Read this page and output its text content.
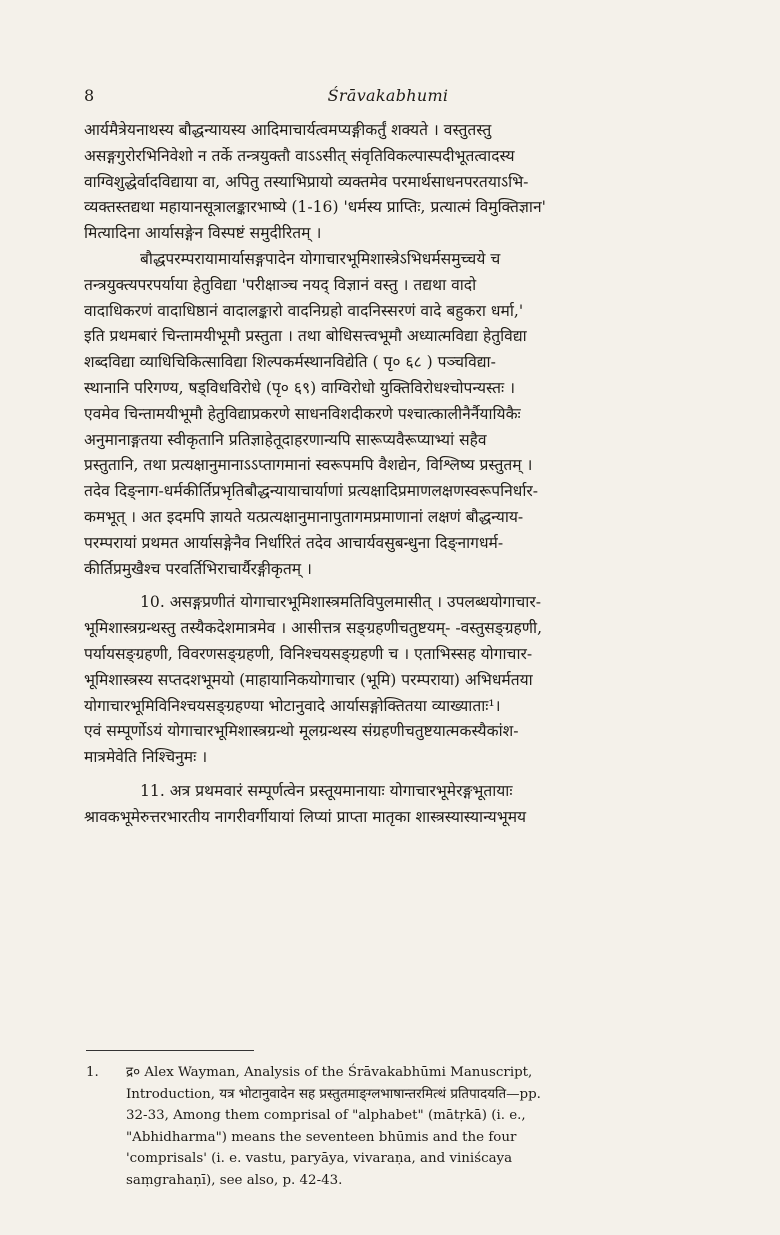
8	Śrāvakabhumi

आर्यमैत्रेयनाथस्य बौद्धन्यायस्य आदिमाचार्यत्वमप्यङ्गीकर्तुं शक्यते । वस्तुतस्तु
असङ्गगुरोरभिनिवेशो न तर्के तन्त्रयुक्तौ वाऽऽसीत् संवृतिविकल्पास्पदीभूतत्वादस्य
वाग्विशुद्धेर्वादविद्याया वा, अपितु तस्याभिप्रायो व्यक्तमेव परमार्थसाधनपरतयाऽभि-
व्यक्तस्तद्यथा महायानसूत्रालङ्कारभाष्ये (1-16) 'धर्मस्य प्राप्तिः, प्रत्यात्मं विमुक्तिज्ञान'
मित्यादिना आर्यासङ्गेन विस्पष्टं समुदीरितम् ।

बौद्धपरम्परायामार्यासङ्गपादेन योगाचारभूमिशास्त्रेऽभिधर्मसमुच्चये च
तन्त्रयुक्त्यपरपर्याया हेतुविद्या 'परीक्षाञ्च नयद् विज्ञानं वस्तु । तद्यथा वादो
वादाधिकरणं वादाधिष्ठानं वादालङ्कारो वादनिग्रहो वादनिस्सरणं वादे बहुकरा धर्मा,'
इति प्रथमबारं चिन्तामयीभूमौ प्रस्तुता । तथा बोधिसत्त्वभूमौ अध्यात्मविद्या हेतुविद्या
शब्दविद्या व्याधिचिकित्साविद्या शिल्पकर्मस्थानविद्येति ( पृ० ६८ ) पञ्चविद्या-
स्थानानि परिगण्य, षड्विधविरोधे (पृ० ६९) वाग्विरोधो युक्तिविरोधश्चोपन्यस्तः ।
एवमेव चिन्तामयीभूमौ हेतुविद्याप्रकरणे साधनविशदीकरणे पश्चात्कालीनैर्नैयायिकैः
अनुमानाङ्गतया स्वीकृतानि प्रतिज्ञाहेतूदाहरणान्यपि सारूप्यवैरूप्याभ्यां सहैव
प्रस्तुतानि, तथा प्रत्यक्षानुमानाऽऽप्तागमानां स्वरूपमपि वैशद्येन, विश्लिष्य प्रस्तुतम् ।
तदेव दिङ्नाग-धर्मकीर्तिप्रभृतिबौद्धन्यायाचार्याणां प्रत्यक्षादिप्रमाणलक्षणस्वरूपनिर्धार-
कमभूत् । अत इदमपि ज्ञायते यत्प्रत्यक्षानुमानापुतागमप्रमाणानां लक्षणं बौद्धन्याय-
परम्परायां प्रथमत आर्यासङ्गेनैव निर्धारितं तदेव आचार्यवसुबन्धुना दिङ्नागधर्म-
कीर्तिप्रमुखैश्च परवर्तिभिराचार्यैरङ्गीकृतम् ।

10. असङ्गप्रणीतं योगाचारभूमिशास्त्रमतिविपुलमासीत् । उपलब्धयोगाचार-
भूमिशास्त्रग्रन्थस्तु तस्यैकदेशमात्रमेव । आसीत्तत्र सङ्ग्रहणीचतुष्टयम्- -वस्तुसङ्ग्रहणी,
पर्यायसङ्ग्रहणी, विवरणसङ्ग्रहणी, विनिश्चयसङ्ग्रहणी च । एताभिस्सह योगाचार-
भूमिशास्त्रस्य सप्तदशभूमयो (माहायानिकयोगाचार (भूमि) परम्पराया) अभिधर्मतया
योगाचारभूमिविनिश्चयसङ्ग्रहण्या भोटानुवादे आर्यासङ्गोक्तितया व्याख्याताः¹।
एवं सम्पूर्णोऽयं योगाचारभूमिशास्त्रग्रन्थो मूलग्रन्थस्य संग्रहणीचतुष्टयात्मकस्यैकांश-
मात्रमेवेति निश्चिनुमः ।

11. अत्र प्रथमवारं सम्पूर्णत्वेन प्रस्तूयमानायाः योगाचारभूमेरङ्गभूतायाः
श्रावकभूमेरुत्तरभारतीय नागरीवर्गीयायां लिप्यां प्राप्ता मातृका शास्त्रस्यास्यान्यभूमय

1. द्र० Alex Wayman, Analysis of the Śrāvakabhūmi Manuscript,
Introduction, यत्र भोटानुवादेन सह प्रस्तुतमाङ्ग्लभाषान्तरमित्थं प्रतिपादयति—pp.
32-33, Among them comprisal of "alphabet" (mātṛkā) (i. e.,
"Abhidharma") means the seventeen bhūmis and the four
'comprisals' (i. e. vastu, paryāya, vivaraṇa, and viniścaya
saṃgrahaṇī), see also, p. 42-43.
